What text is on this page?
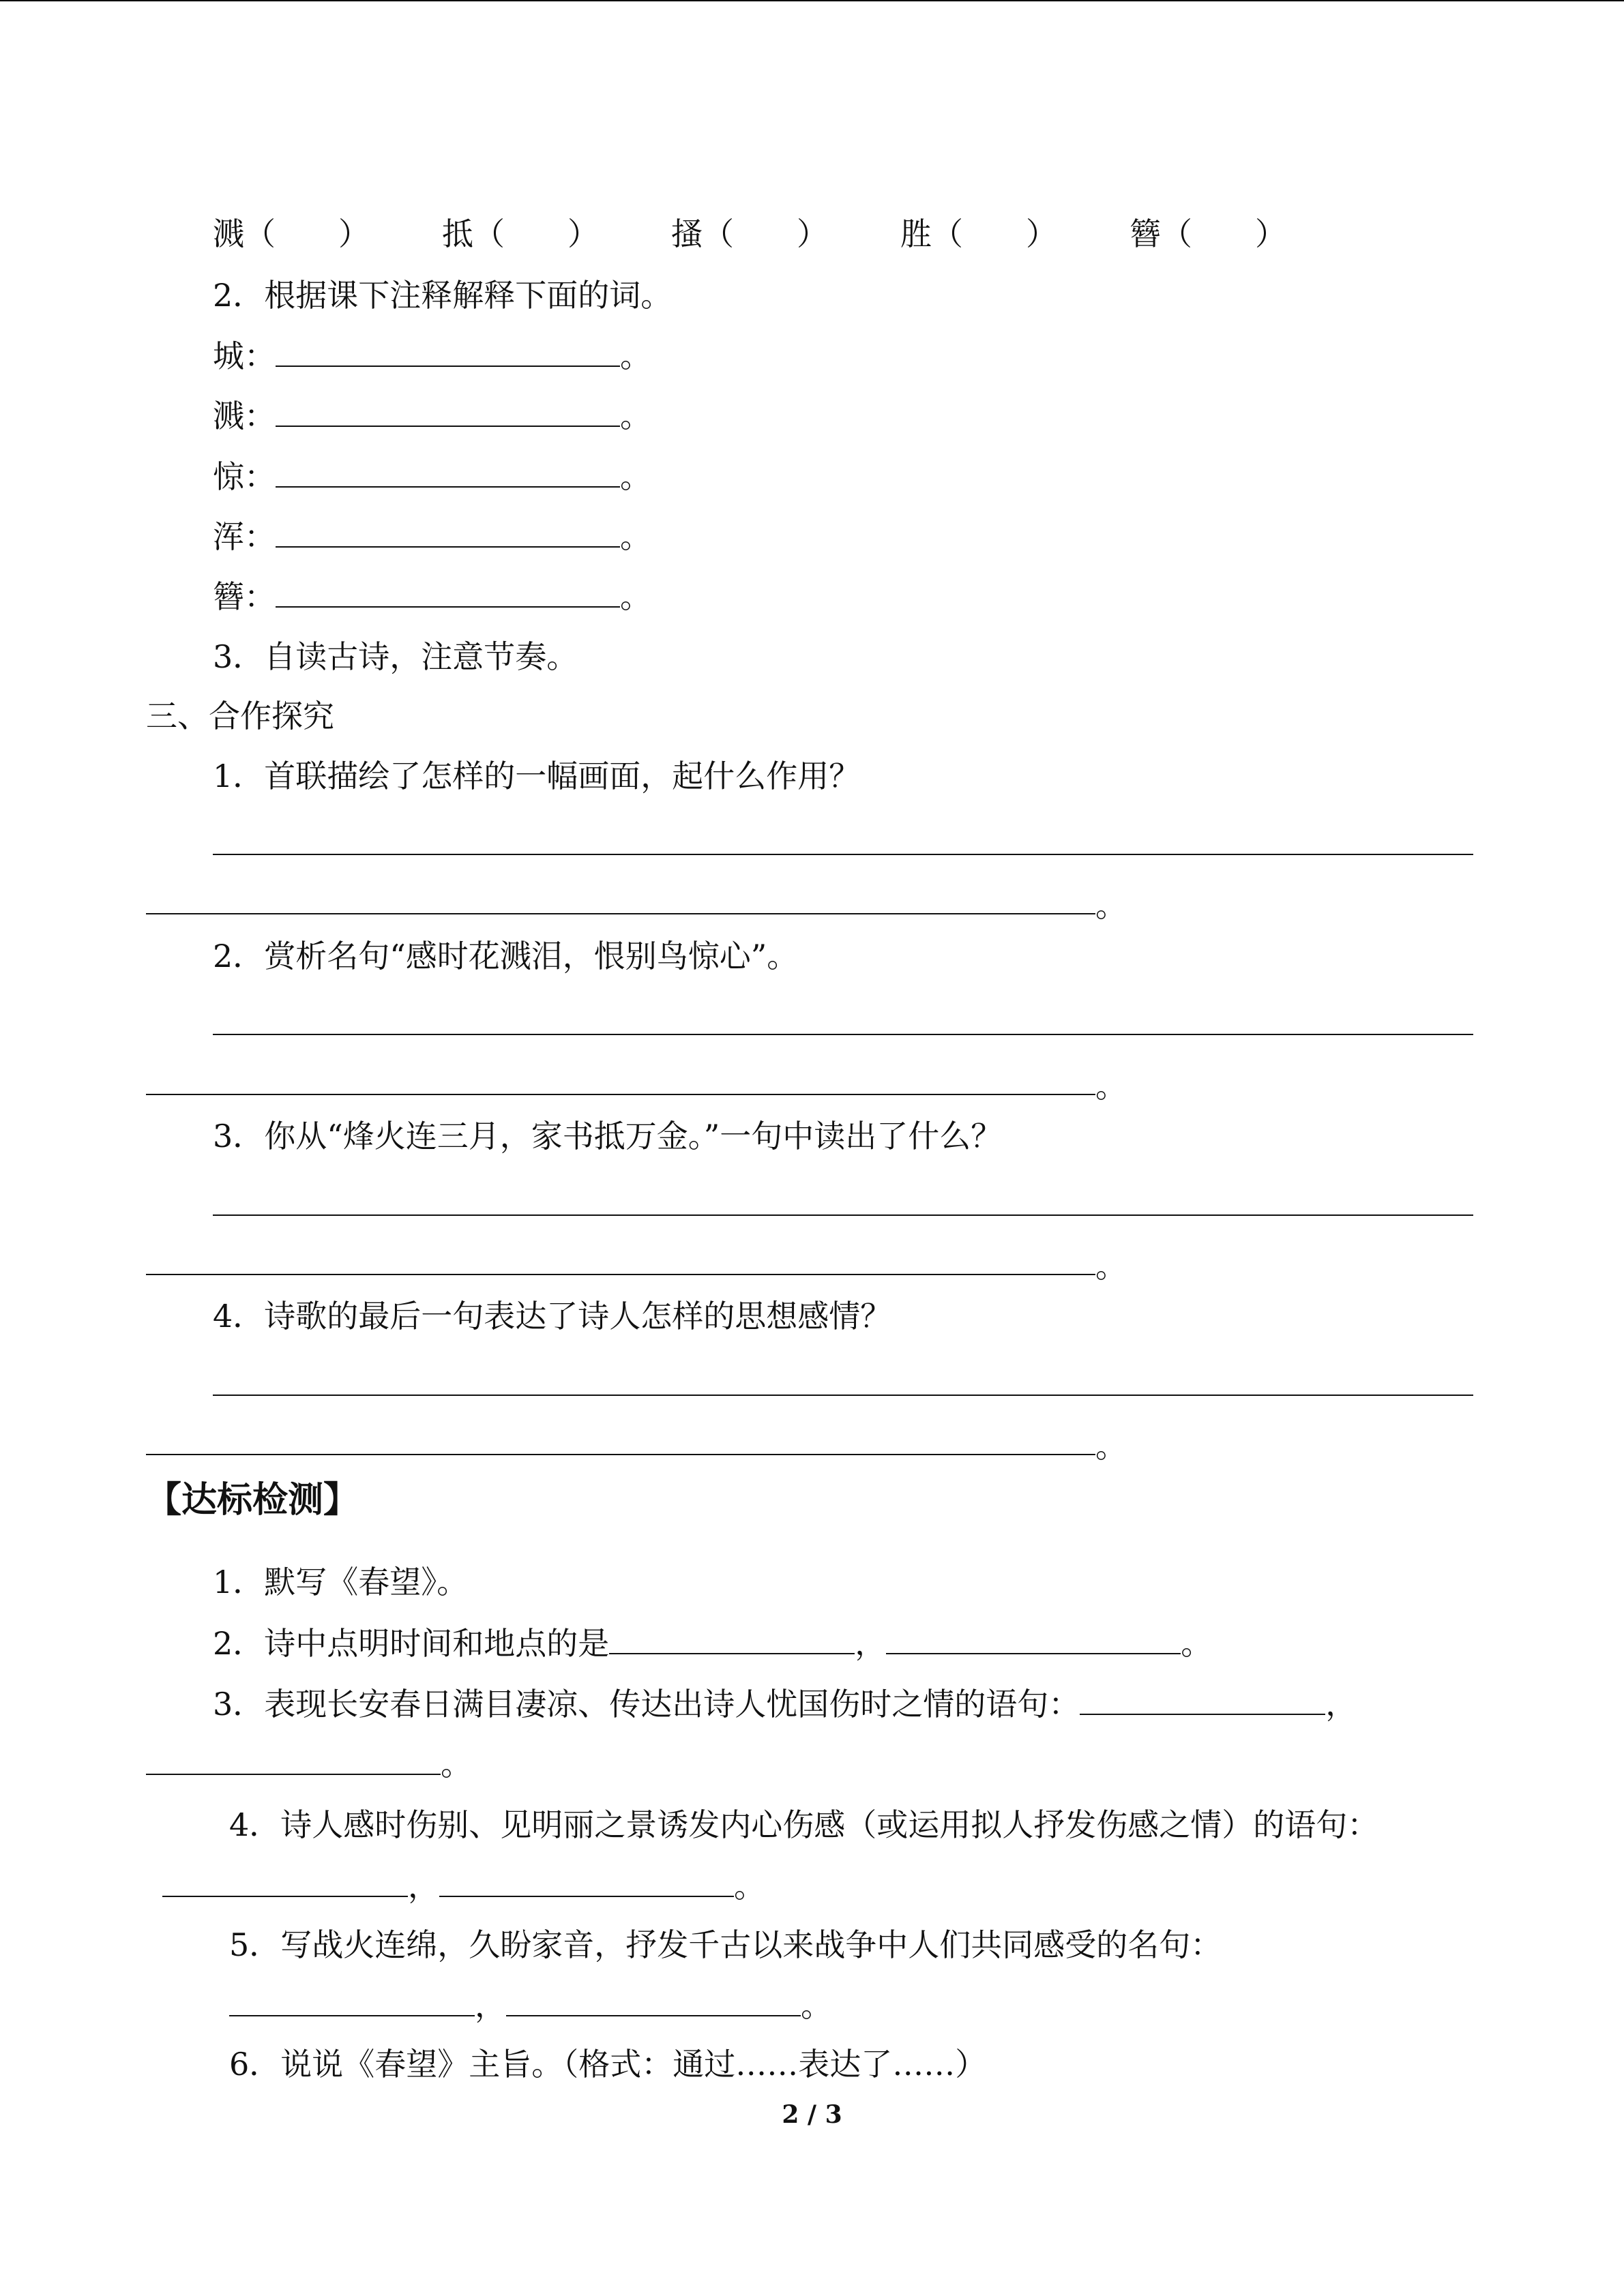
溅（　　） 抵（　　） 搔（　　） 胜（　　） 簪（　　）
2．根据课下注释解释下面的词。
城：	。
溅：	。
惊：	。
浑：	。
簪：	。
3．自读古诗，注意节奏。
三、合作探究
1．首联描绘了怎样的一幅画面，起什么作用？
。
2．赏析名句“感时花溅泪，恨别鸟惊心”。
。
3．你从“烽火连三月，家书抵万金。”一句中读出了什么？
。
4．诗歌的最后一句表达了诗人怎样的思想感情？
。
【达标检测】
1．默写《春望》。
2．诗中点明时间和地点的是	，	。
3．表现长安春日满目凄凉、传达出诗人忧国伤时之情的语句：	，
。
4．诗人感时伤别、见明丽之景诱发内心伤感（或运用拟人抒发伤感之情）的语句：
，	。
5．写战火连绵，久盼家音，抒发千古以来战争中人们共同感受的名句：
，	。
6．说说《春望》主旨。（格式：通过……表达了……）
2 / 3
